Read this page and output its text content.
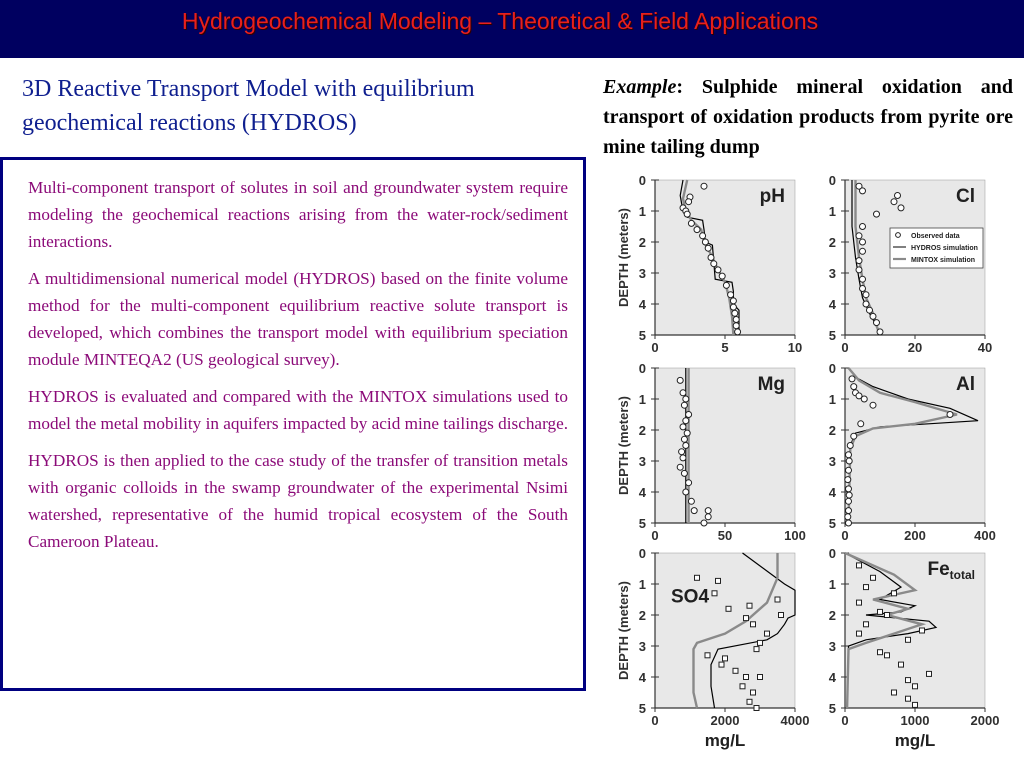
Hydrogeochemical Modeling – Theoretical & Field Applications
3D Reactive Transport Model with equilibrium geochemical reactions (HYDROS)
Example: Sulphide mineral oxidation and transport of oxidation products from pyrite ore mine tailing dump

Multi-component transport of solutes in soil and groundwater system require modeling the geochemical reactions arising from the water-rock/sediment interactions.

A multidimensional numerical model (HYDROS) based on the finite volume method for the multi-component equilibrium reactive solute transport is developed, which combines the transport model with equilibrium speciation module MINTEQA2 (US geological survey).

HYDROS is evaluated and compared with the MINTOX simulations used to model the metal mobility in aquifers impacted by acid mine tailings discharge.

HYDROS is then applied to the case study of the transfer of transition metals with organic colloids in the swamp groundwater of the experimental Nsimi watershed, representative of the humid tropical ecosystem of the South Cameroon Plateau.

0
1
2
3
4
5
0	5	10
DEPTH (meters)
pH
0
1
2
3
4
5
0	20	40
Cl
0
1
2
3
4
5
0	50	100
DEPTH (meters)
Mg
0
1
2
3
4
5
0	200	400
Al
0
1
2
3
4
5
0	2000	4000
DEPTH (meters)
mg/L
SO4
0
1
2
3
4
5
0	1000	2000
mg/L
$Fe_{total}$
Observed data
HYDROS simulation
MINTOX simulation
